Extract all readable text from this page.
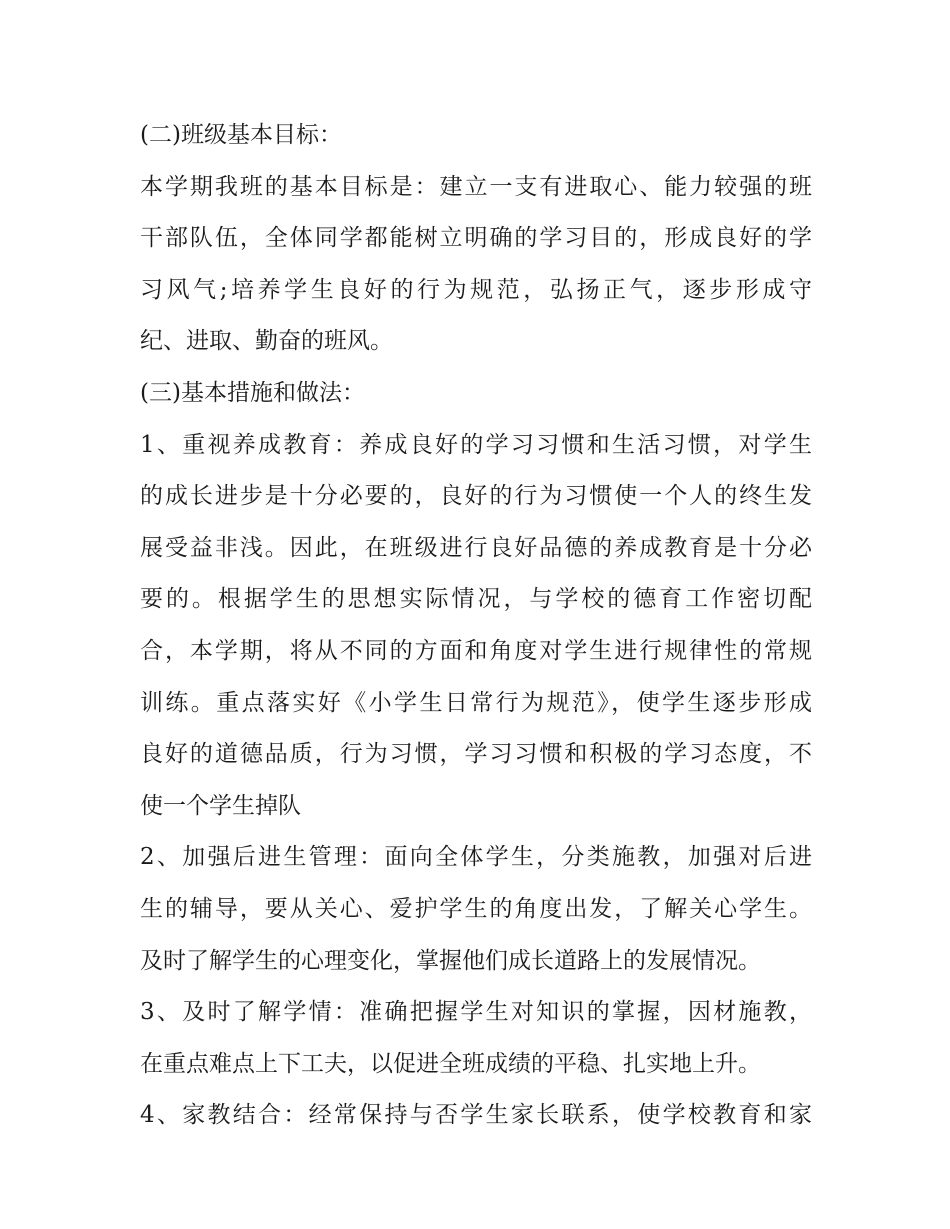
(二)班级基本目标：
本学期我班的基本目标是：建立一支有进取心、能力较强的班
干部队伍，全体同学都能树立明确的学习目的，形成良好的学
习风气;培养学生良好的行为规范，弘扬正气，逐步形成守
纪、进取、勤奋的班风。
(三)基本措施和做法：
1、重视养成教育：养成良好的学习习惯和生活习惯，对学生
的成长进步是十分必要的，良好的行为习惯使一个人的终生发
展受益非浅。因此，在班级进行良好品德的养成教育是十分必
要的。根据学生的思想实际情况，与学校的德育工作密切配
合，本学期，将从不同的方面和角度对学生进行规律性的常规
训练。重点落实好《小学生日常行为规范》，使学生逐步形成
良好的道德品质，行为习惯，学习习惯和积极的学习态度，不
使一个学生掉队
2、加强后进生管理：面向全体学生，分类施教，加强对后进
生的辅导，要从关心、爱护学生的角度出发，了解关心学生。
及时了解学生的心理变化，掌握他们成长道路上的发展情况。
3、及时了解学情：准确把握学生对知识的掌握，因材施教，
在重点难点上下工夫，以促进全班成绩的平稳、扎实地上升。
4、家教结合：经常保持与否学生家长联系，使学校教育和家
